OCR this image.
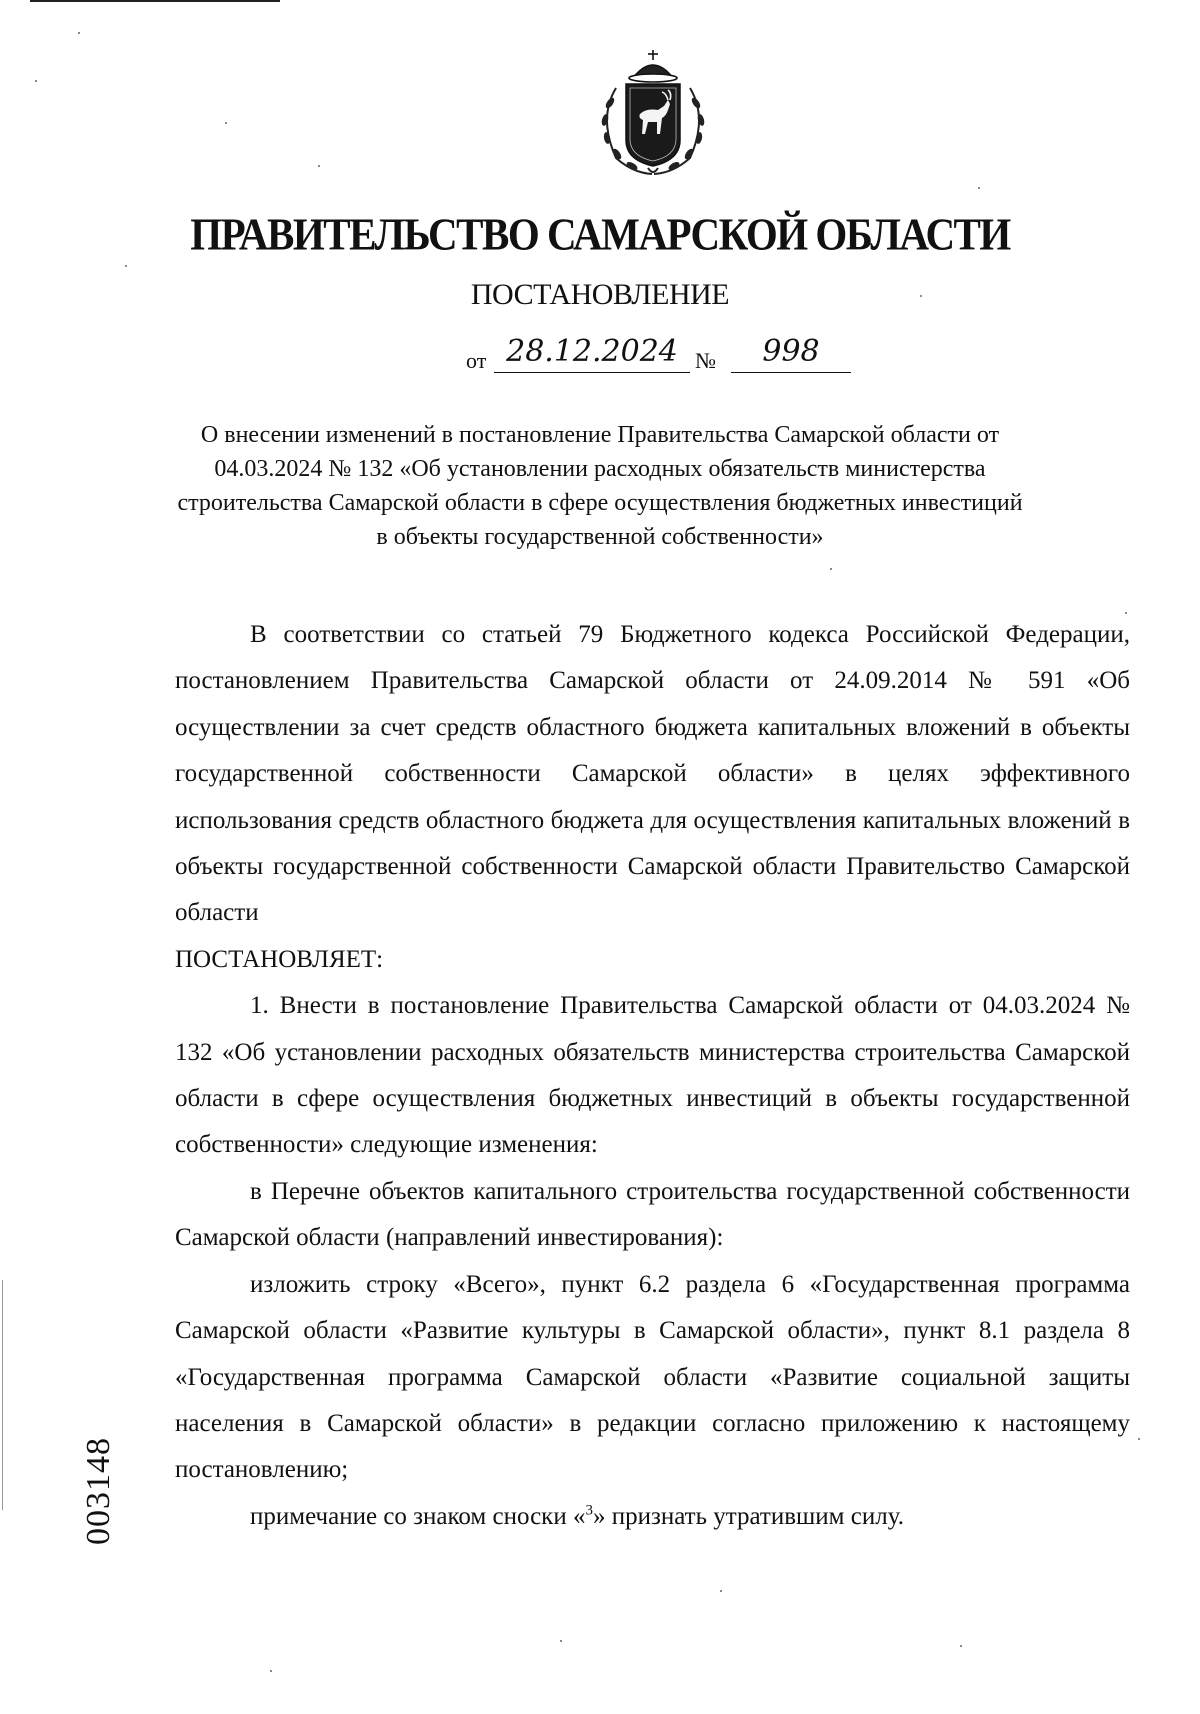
ПРАВИТЕЛЬСТВО САМАРСКОЙ ОБЛАСТИ
ПОСТАНОВЛЕНИЕ
от 28.12.2024 №	998
О внесении изменений в постановление Правительства Самарской области от 04.03.2024 № 132 «Об установлении расходных обязательств министерства строительства Самарской области в сфере осуществления бюджетных инвестиций в объекты государственной собственности»

В соответствии со статьей 79 Бюджетного кодекса Российской Федерации, постановлением Правительства Самарской области от 24.09.2014 № 591 «Об осуществлении за счет средств областного бюджета капитальных вложений в объекты государственной собственности Самарской области» в целях эффективного использования средств областного бюджета для осуществления капитальных вложений в объекты государственной собственности Самарской области Правительство Самарской области

ПОСТАНОВЛЯЕТ:

1. Внести в постановление Правительства Самарской области от 04.03.2024 № 132 «Об установлении расходных обязательств министерства строительства Самарской области в сфере осуществления бюджетных инвестиций в объекты государственной собственности» следующие изменения:

в Перечне объектов капитального строительства государственной собственности Самарской области (направлений инвестирования):

изложить строку «Всего», пункт 6.2 раздела 6 «Государственная программа Самарской области «Развитие культуры в Самарской области», пункт 8.1 раздела 8 «Государственная программа Самарской области «Развитие социальной защиты населения в Самарской области» в редакции согласно приложению к настоящему постановлению;

примечание со знаком сноски «$^3$» признать утратившим силу.

003148
